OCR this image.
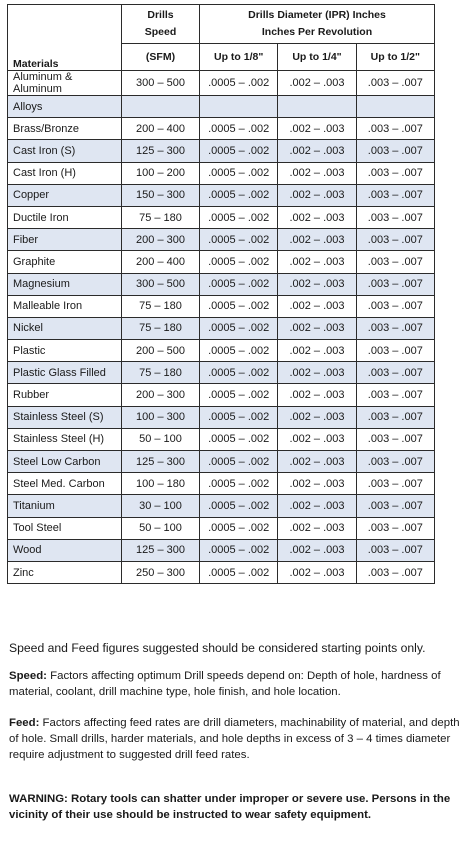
Materials	Drills
Speed	Drills Diameter (IPR) Inches
Inches Per Revolution		
	(SFM)	Up to 1/8"	Up to 1/4"	Up to 1/2"
Aluminum & Aluminum	300 – 500	.0005 – .002	.002 – .003	.003 – .007
Alloys				
Brass/Bronze	200 – 400	.0005 – .002	.002 – .003	.003 – .007
Cast Iron (S)	125 – 300	.0005 – .002	.002 – .003	.003 – .007
Cast Iron (H)	100 – 200	.0005 – .002	.002 – .003	.003 – .007
Copper	150 – 300	.0005 – .002	.002 – .003	.003 – .007
Ductile Iron	75 – 180	.0005 – .002	.002 – .003	.003 – .007
Fiber	200 – 300	.0005 – .002	.002 – .003	.003 – .007
Graphite	200 – 400	.0005 – .002	.002 – .003	.003 – .007
Magnesium	300 – 500	.0005 – .002	.002 – .003	.003 – .007
Malleable Iron	75 – 180	.0005 – .002	.002 – .003	.003 – .007
Nickel	75 – 180	.0005 – .002	.002 – .003	.003 – .007
Plastic	200 – 500	.0005 – .002	.002 – .003	.003 – .007
Plastic Glass Filled	75 – 180	.0005 – .002	.002 – .003	.003 – .007
Rubber	200 – 300	.0005 – .002	.002 – .003	.003 – .007
Stainless Steel (S)	100 – 300	.0005 – .002	.002 – .003	.003 – .007
Stainless Steel (H)	50 – 100	.0005 – .002	.002 – .003	.003 – .007
Steel Low Carbon	125 – 300	.0005 – .002	.002 – .003	.003 – .007
Steel Med. Carbon	100 – 180	.0005 – .002	.002 – .003	.003 – .007
Titanium	30 – 100	.0005 – .002	.002 – .003	.003 – .007
Tool Steel	50 – 100	.0005 – .002	.002 – .003	.003 – .007
Wood	125 – 300	.0005 – .002	.002 – .003	.003 – .007
Zinc	250 – 300	.0005 – .002	.002 – .003	.003 – .007

Speed and Feed figures suggested should be considered starting points only.

Speed: Factors affecting optimum Drill speeds depend on: Depth of hole, hardness of material, coolant, drill machine type, hole finish, and hole location.

Feed: Factors affecting feed rates are drill diameters, machinability of material, and depth of hole. Small drills, harder materials, and hole depths in excess of 3 – 4 times diameter require adjustment to suggested drill feed rates.

WARNING: Rotary tools can shatter under improper or severe use. Persons in the vicinity of their use should be instructed to wear safety equipment.
